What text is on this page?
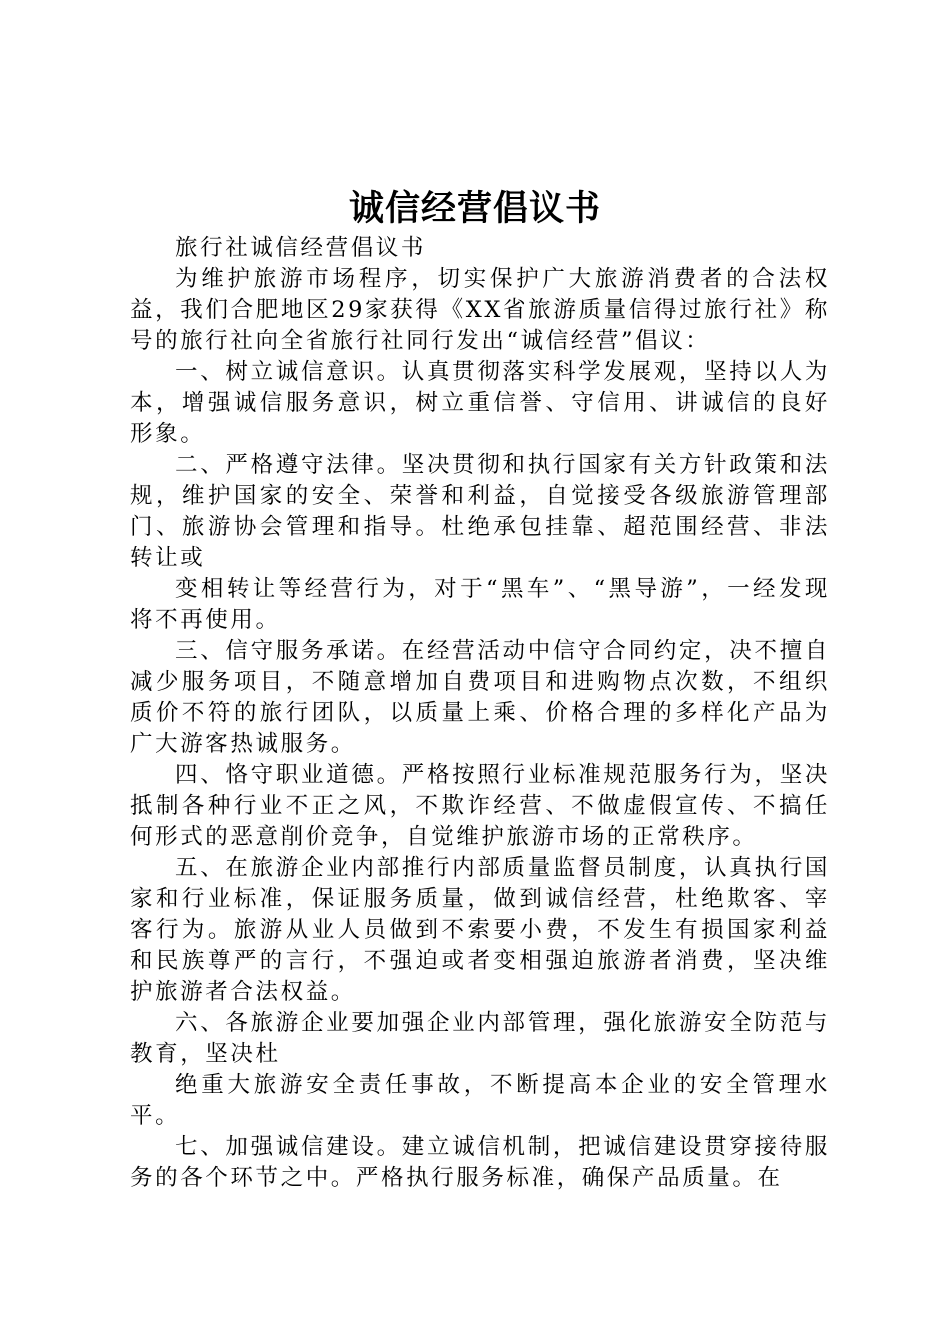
诚信经营倡议书

旅行社诚信经营倡议书

为维护旅游市场程序，切实保护广大旅游消费者的合法权益，我们合肥地区29家获得《XX省旅游质量信得过旅行社》称号的旅行社向全省旅行社同行发出“诚信经营”倡议：

一、树立诚信意识。认真贯彻落实科学发展观，坚持以人为本，增强诚信服务意识，树立重信誉、守信用、讲诚信的良好形象。

二、严格遵守法律。坚决贯彻和执行国家有关方针政策和法规，维护国家的安全、荣誉和利益，自觉接受各级旅游管理部门、旅游协会管理和指导。杜绝承包挂靠、超范围经营、非法转让或

变相转让等经营行为，对于“黑车”、“黑导游”，一经发现将不再使用。

三、信守服务承诺。在经营活动中信守合同约定，决不擅自减少服务项目，不随意增加自费项目和进购物点次数，不组织质价不符的旅行团队，以质量上乘、价格合理的多样化产品为广大游客热诚服务。

四、恪守职业道德。严格按照行业标准规范服务行为，坚决抵制各种行业不正之风，不欺诈经营、不做虚假宣传、不搞任何形式的恶意削价竞争，自觉维护旅游市场的正常秩序。

五、在旅游企业内部推行内部质量监督员制度，认真执行国家和行业标准，保证服务质量，做到诚信经营，杜绝欺客、宰客行为。旅游从业人员做到不索要小费，不发生有损国家利益和民族尊严的言行，不强迫或者变相强迫旅游者消费，坚决维护旅游者合法权益。

六、各旅游企业要加强企业内部管理，强化旅游安全防范与教育，坚决杜

绝重大旅游安全责任事故，不断提高本企业的安全管理水平。

七、加强诚信建设。建立诚信机制，把诚信建设贯穿接待服务的各个环节之中。严格执行服务标准，确保产品质量。在
